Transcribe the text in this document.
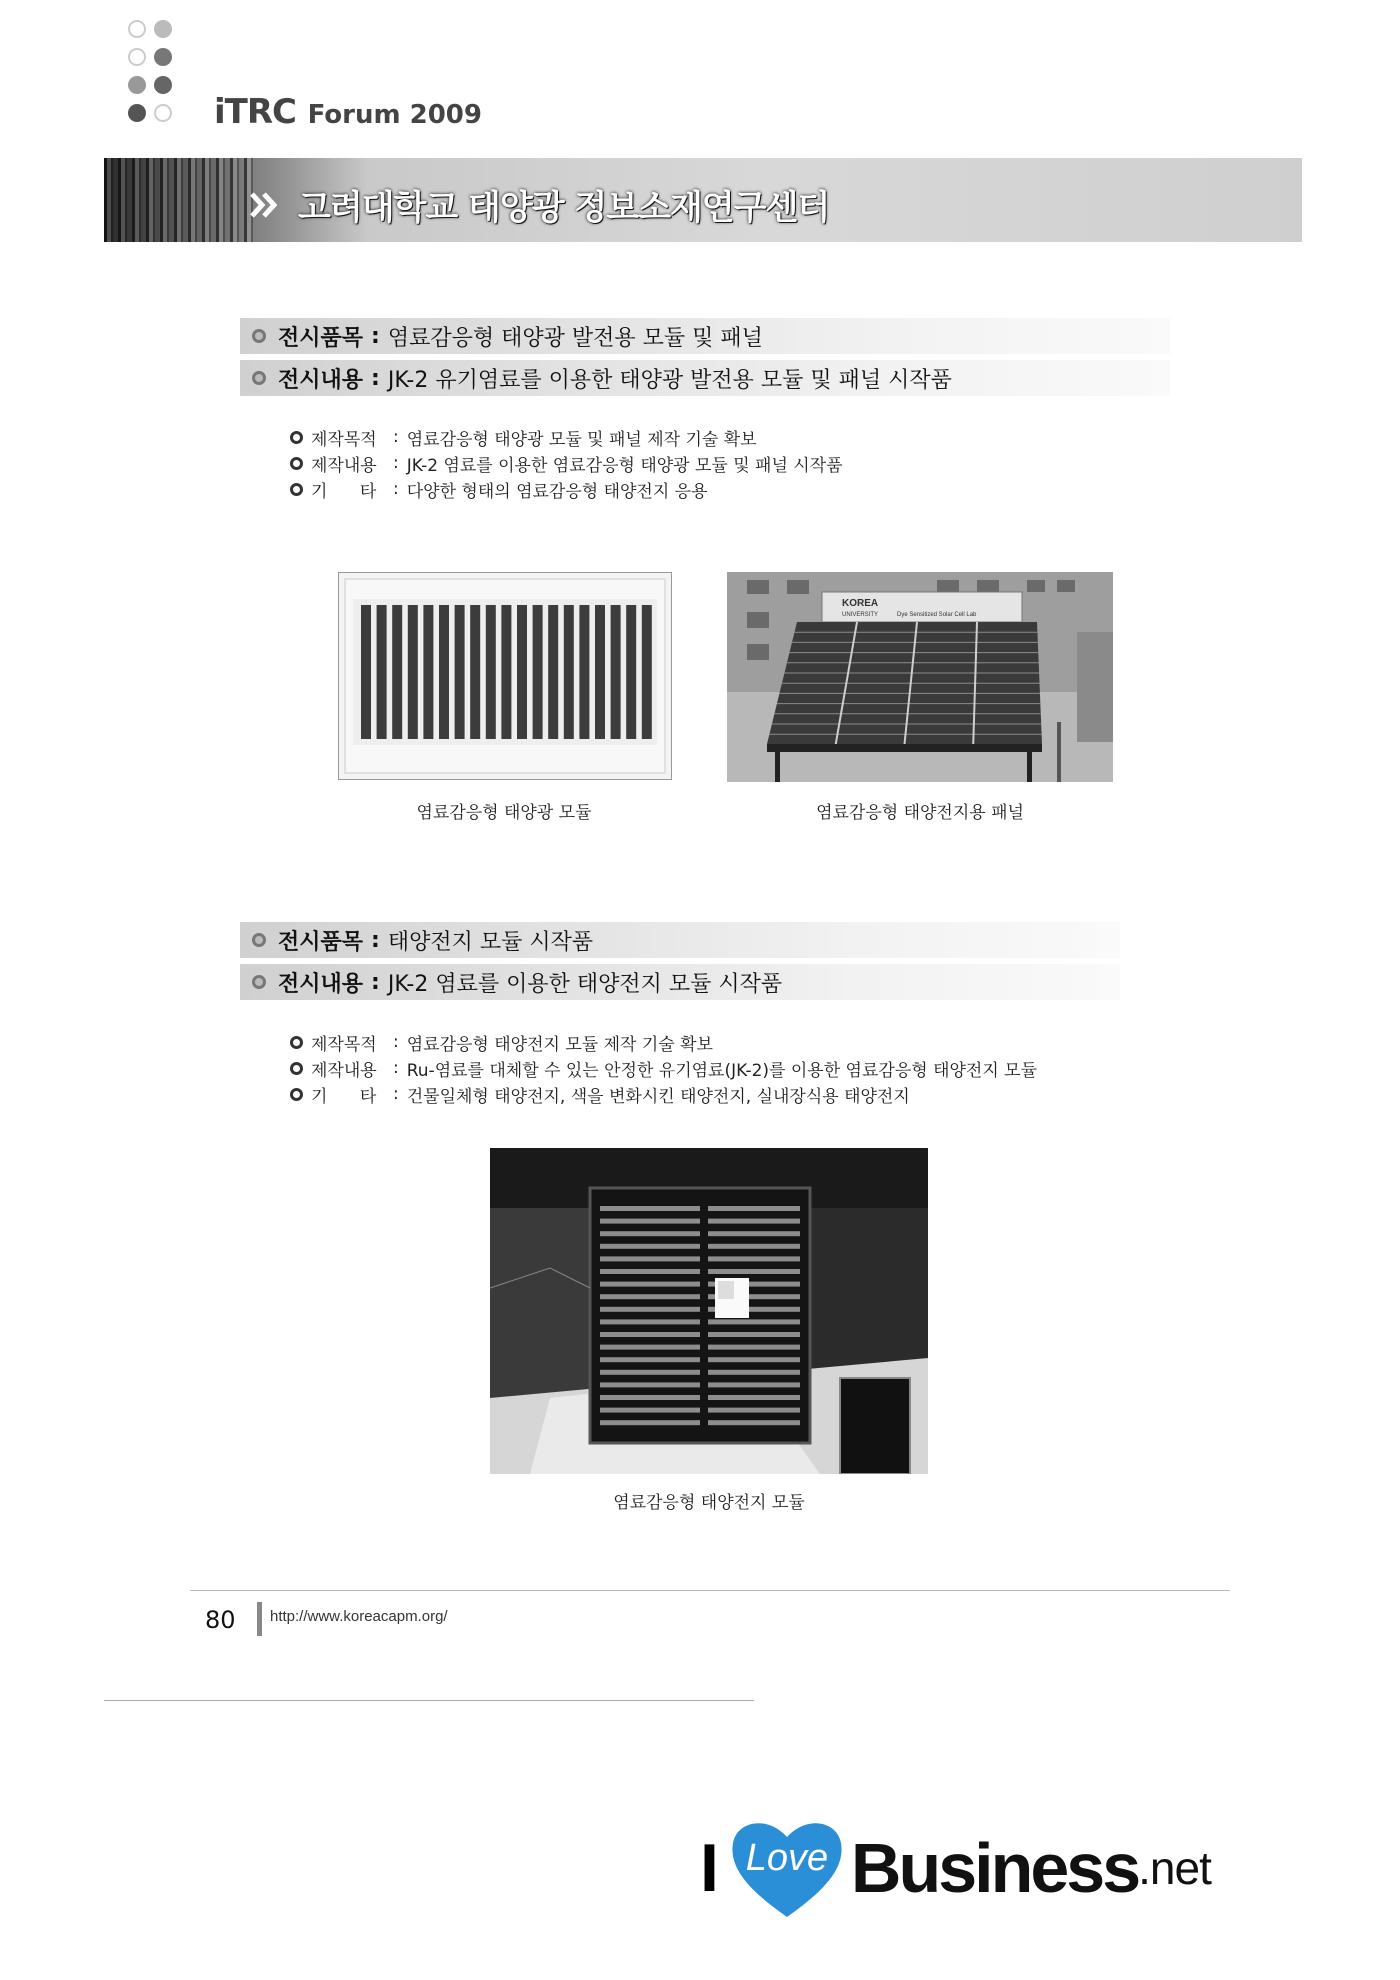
iTRC Forum 2009
고려대학교 태양광 정보소재연구센터
전시품목 : 염료감응형 태양광 발전용 모듈 및 패널
전시내용 : JK-2 유기염료를 이용한 태양광 발전용 모듈 및 패널 시작품
제작목적 : 염료감응형 태양광 모듈 및 패널 제작 기술 확보
제작내용 : JK-2 염료를 이용한 염료감응형 태양광 모듈 및 패널 시작품
기      타 : 다양한 형태의 염료감응형 태양전지 응용
염료감응형 태양광 모듈
KOREA
UNIVERSITY	Dye Sensitized Solar Cell Lab
염료감응형 태양전지용 패널
전시품목 : 태양전지 모듈 시작품
전시내용 : JK-2 염료를 이용한 태양전지 모듈 시작품
제작목적 : 염료감응형 태양전지 모듈 제작 기술 확보
제작내용 : Ru-염료를 대체할 수 있는 안정한 유기염료(JK-2)를 이용한 염료감응형 태양전지 모듈
기      타 : 건물일체형 태양전지, 색을 변화시킨 태양전지, 실내장식용 태양전지
염료감응형 태양전지 모듈
80 http://www.koreacapm.org/
I Love Business .net
